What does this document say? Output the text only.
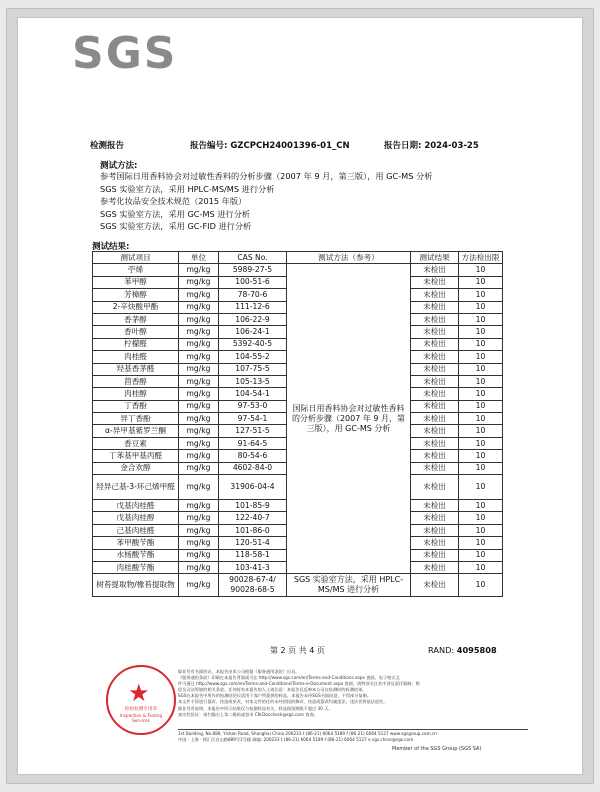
SGS
检测报告	报告编号: GZCPCH24001396-01_CN	报告日期: 2024-03-25
测试方法:
参考国际日用香料协会对过敏性香料的分析步骤（2007 年 9 月，第三版），用 GC-MS 分析
SGS 实验室方法，采用 HPLC-MS/MS 进行分析
参考化妆品安全技术规范（2015 年版）
SGS 实验室方法，采用 GC-MS 进行分析
SGS 实验室方法，采用 GC-FID 进行分析
测试结果:
测试项目	单位	CAS No.	测试方法（参考）	测试结果	方法检出限
苧烯	mg/kg	5989-27-5	国际日用香料协会对过敏性香料的分析步骤（2007 年 9 月，第三版），用 GC-MS 分析	未检出	10
苯甲醇	mg/kg	100-51-6		未检出	10
芳樟醇	mg/kg	78-70-6		未检出	10
2-辛炔酸甲酯	mg/kg	111-12-6		未检出	10
香茅醇	mg/kg	106-22-9		未检出	10
香叶醇	mg/kg	106-24-1		未检出	10
柠檬醛	mg/kg	5392-40-5		未检出	10
肉桂醛	mg/kg	104-55-2		未检出	10
羟基香茅醛	mg/kg	107-75-5		未检出	10
茴香醇	mg/kg	105-13-5		未检出	10
肉桂醇	mg/kg	104-54-1		未检出	10
丁香酚	mg/kg	97-53-0		未检出	10
异丁香酚	mg/kg	97-54-1		未检出	10
α-异甲基紫罗兰酮	mg/kg	127-51-5		未检出	10
香豆素	mg/kg	91-64-5		未检出	10
丁苯基甲基丙醛	mg/kg	80-54-6		未检出	10
金合欢醇	mg/kg	4602-84-0		未检出	10
羟异己基-3-环己烯甲醛	mg/kg	31906-04-4		未检出	10
戊基肉桂醛	mg/kg	101-85-9		未检出	10
戊基肉桂醇	mg/kg	122-40-7		未检出	10
己基肉桂醛	mg/kg	101-86-0		未检出	10
苯甲酸苄酯	mg/kg	120-51-4		未检出	10
水杨酸苄酯	mg/kg	118-58-1		未检出	10
肉桂酸苄酯	mg/kg	103-41-3		未检出	10
树苔提取物/橡苔提取物	mg/kg	90028-67-4/ 90028-68-5	SGS 实验室方法，采用 HPLC-MS/MS 进行分析	未检出	10
第 2 页 共 4 页	RAND: 4095808
★
检验检测专用章
Inspection & Testing Services
除非另有书面协议，本报告由本公司根据《服务通用条款》出具。
《服务通用条款》印刷在本报告背面或可在 http://www.sgs.com/en/Terms-and-Conditions.aspx 查阅，电子格式文
件可通过 http://www.sgs.com/en/Terms-and-Conditions/Terms-e-Document.aspx 查阅，请特别关注其中涉及责任限制、赔
偿及司法管辖的相关条款。任何持有本报告的人士请注意：本报告仅反映本公司在检测时的检测结果。
SGS在本报告中所作的检测结论仅适用于客户所提供的样品，本报告未经SGS书面同意，不得部分复制。
本文件不得进行篡改、伪造或更改，对本文件的任何未经授权的修改、伪造或篡改均属违法，违法者将依法追究。
除非另有说明，本报告中所示结果仅与检测样品有关，样品保留期限不超过 30 天。
真实性验证：请扫描右上角二维码或登录 CN.Doccheck@sgs.com 查询。
1st Building, No.889, Yishan Road, Shanghai China 200233 t (86-21) 6064 5189 f (86-21) 6064 5127 www.sgsgroup.com.cn
中国 · 上海 · 徐汇区宜山路889号1号楼 邮编: 200233 t (86-21) 6064 5189 f (86-21) 6064 5127 e sgs.china@sgs.com
Member of the SGS Group (SGS SA)
